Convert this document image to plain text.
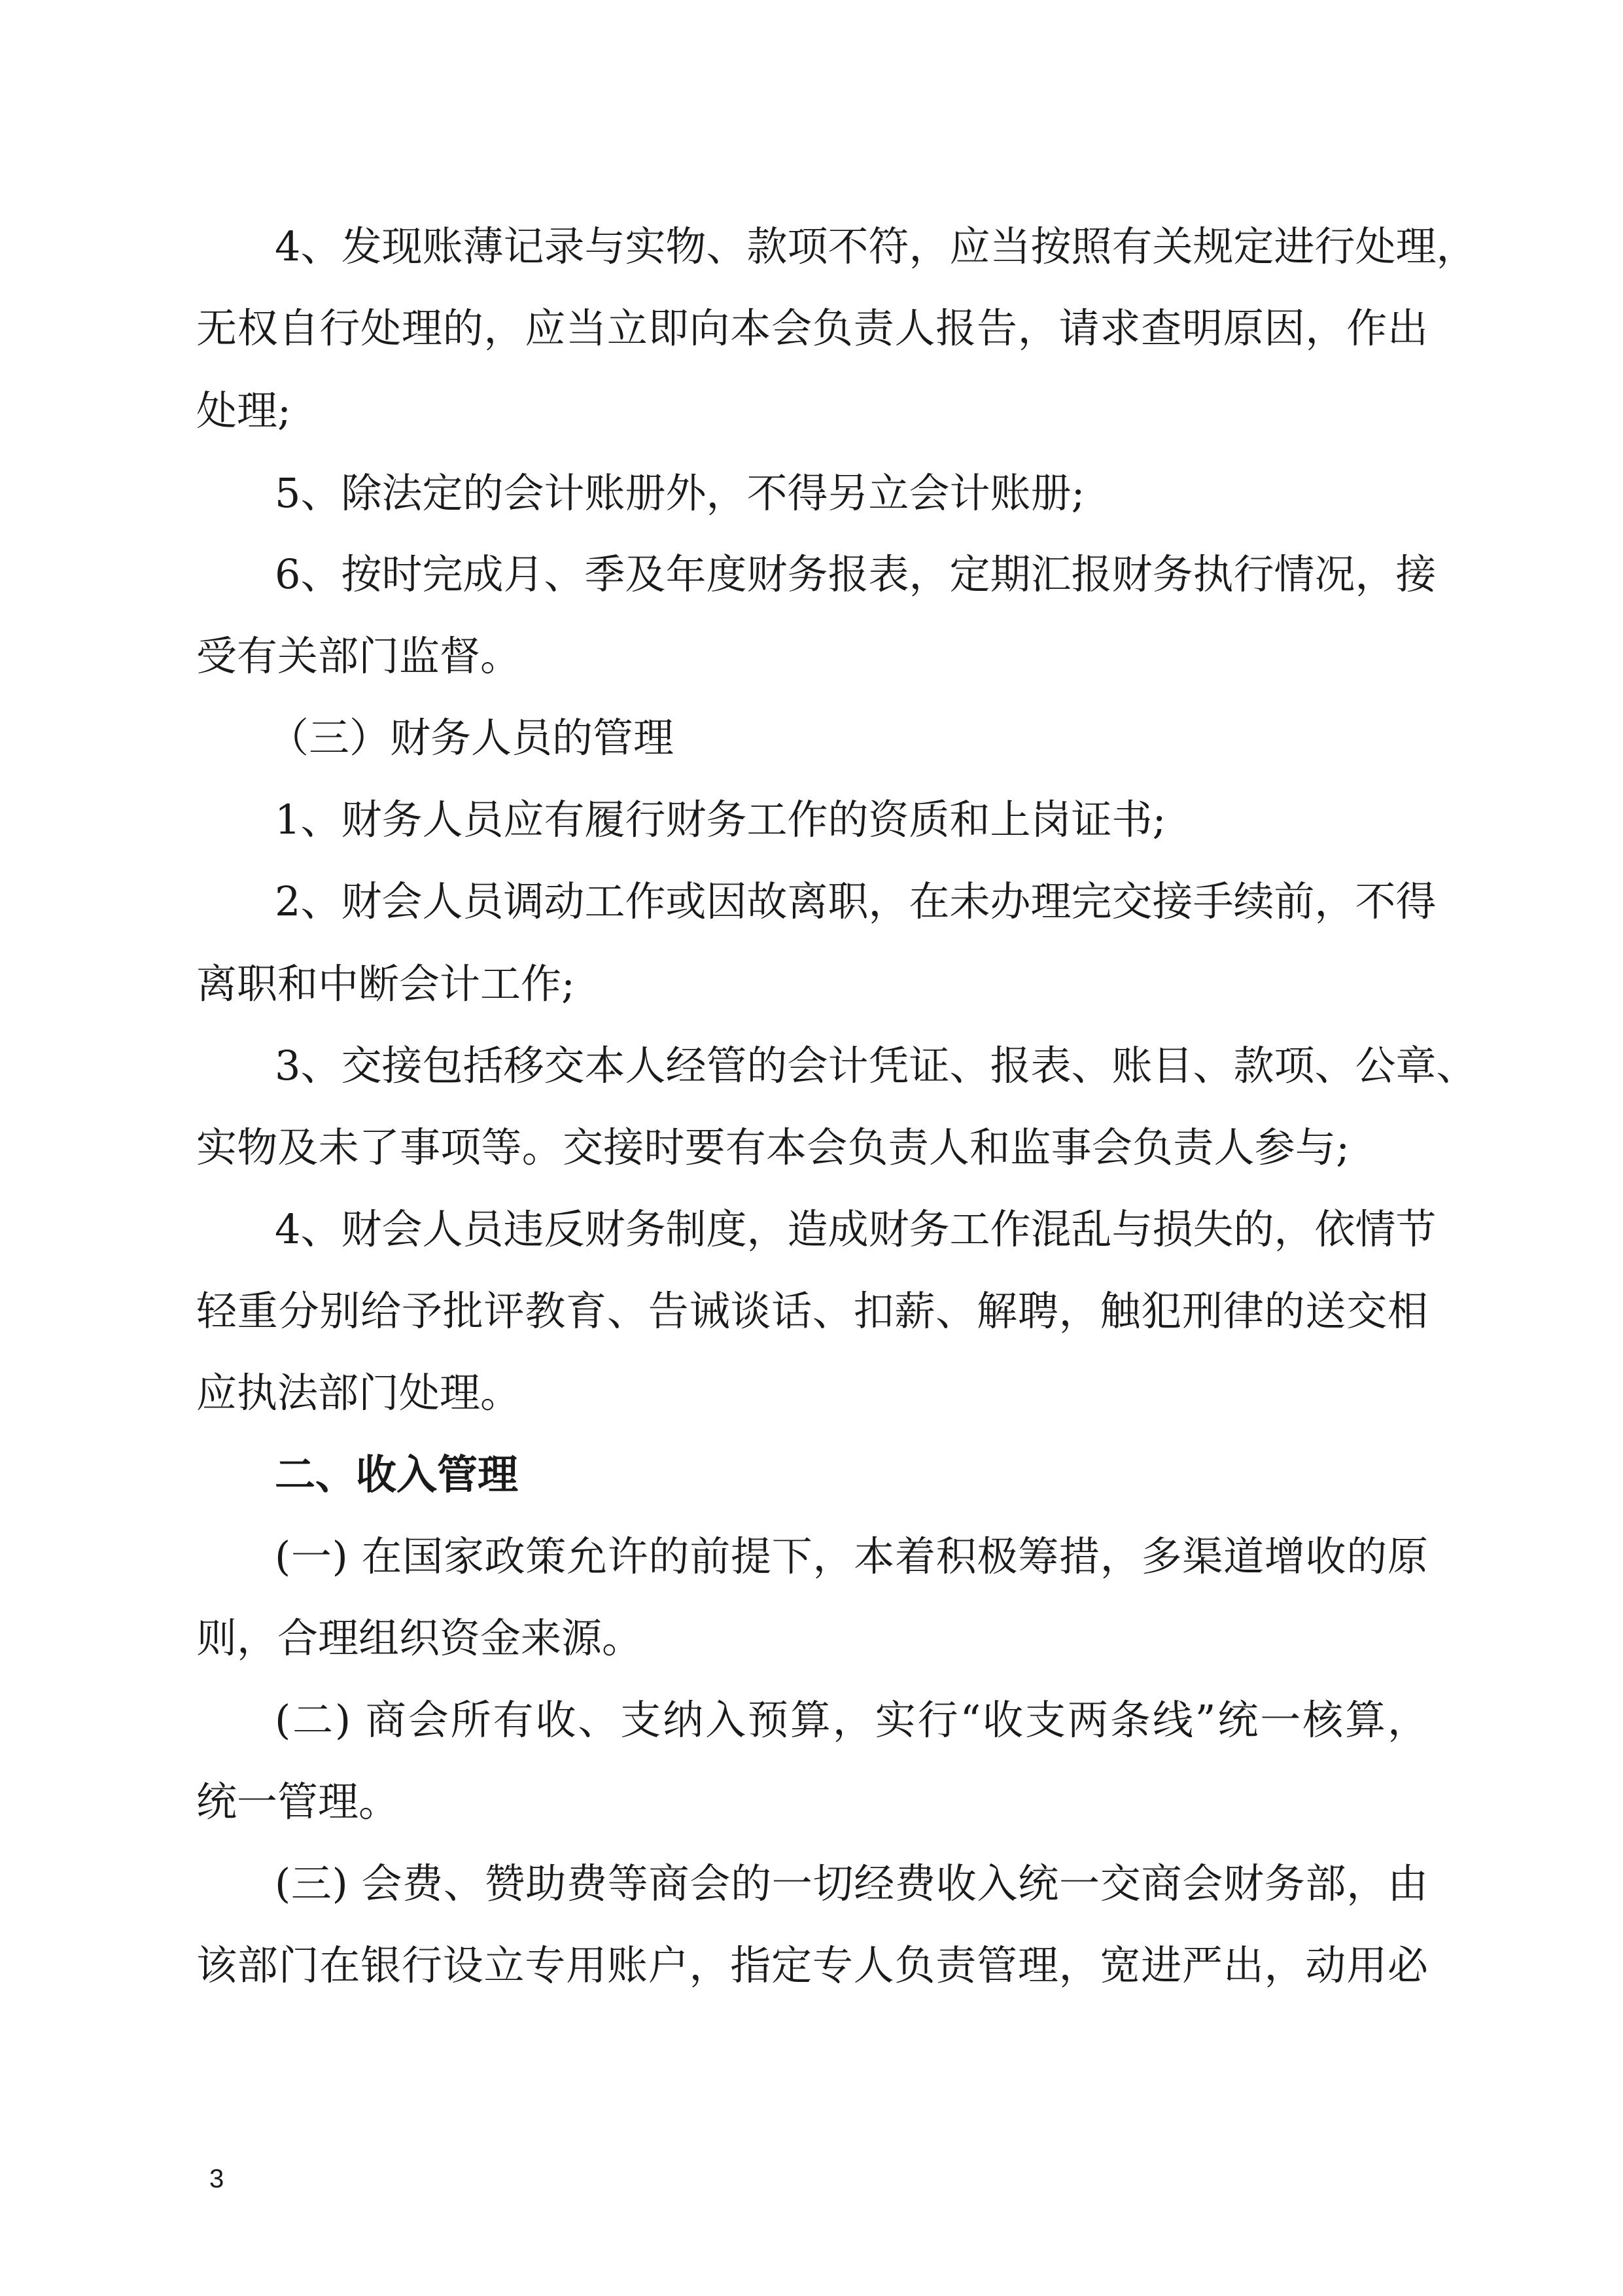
4、发现账薄记录与实物、款项不符，应当按照有关规定进行处理，

无权自行处理的，应当立即向本会负责人报告，请求查明原因，作出

处理;

5、除法定的会计账册外，不得另立会计账册;

6、按时完成月、季及年度财务报表，定期汇报财务执行情况，接

受有关部门监督。

（三）财务人员的管理

1、财务人员应有履行财务工作的资质和上岗证书;

2、财会人员调动工作或因故离职，在未办理完交接手续前，不得

离职和中断会计工作;

3、交接包括移交本人经管的会计凭证、报表、账目、款项、公章、

实物及未了事项等。交接时要有本会负责人和监事会负责人参与;

4、财会人员违反财务制度，造成财务工作混乱与损失的，依情节

轻重分别给予批评教育、告诫谈话、扣薪、解聘，触犯刑律的送交相

应执法部门处理。

二、收入管理

(一) 在国家政策允许的前提下，本着积极筹措，多渠道增收的原

则，合理组织资金来源。

(二) 商会所有收、支纳入预算，实行“收支两条线”统一核算，

统一管理。

(三) 会费、赞助费等商会的一切经费收入统一交商会财务部，由

该部门在银行设立专用账户，指定专人负责管理，宽进严出，动用必

3
